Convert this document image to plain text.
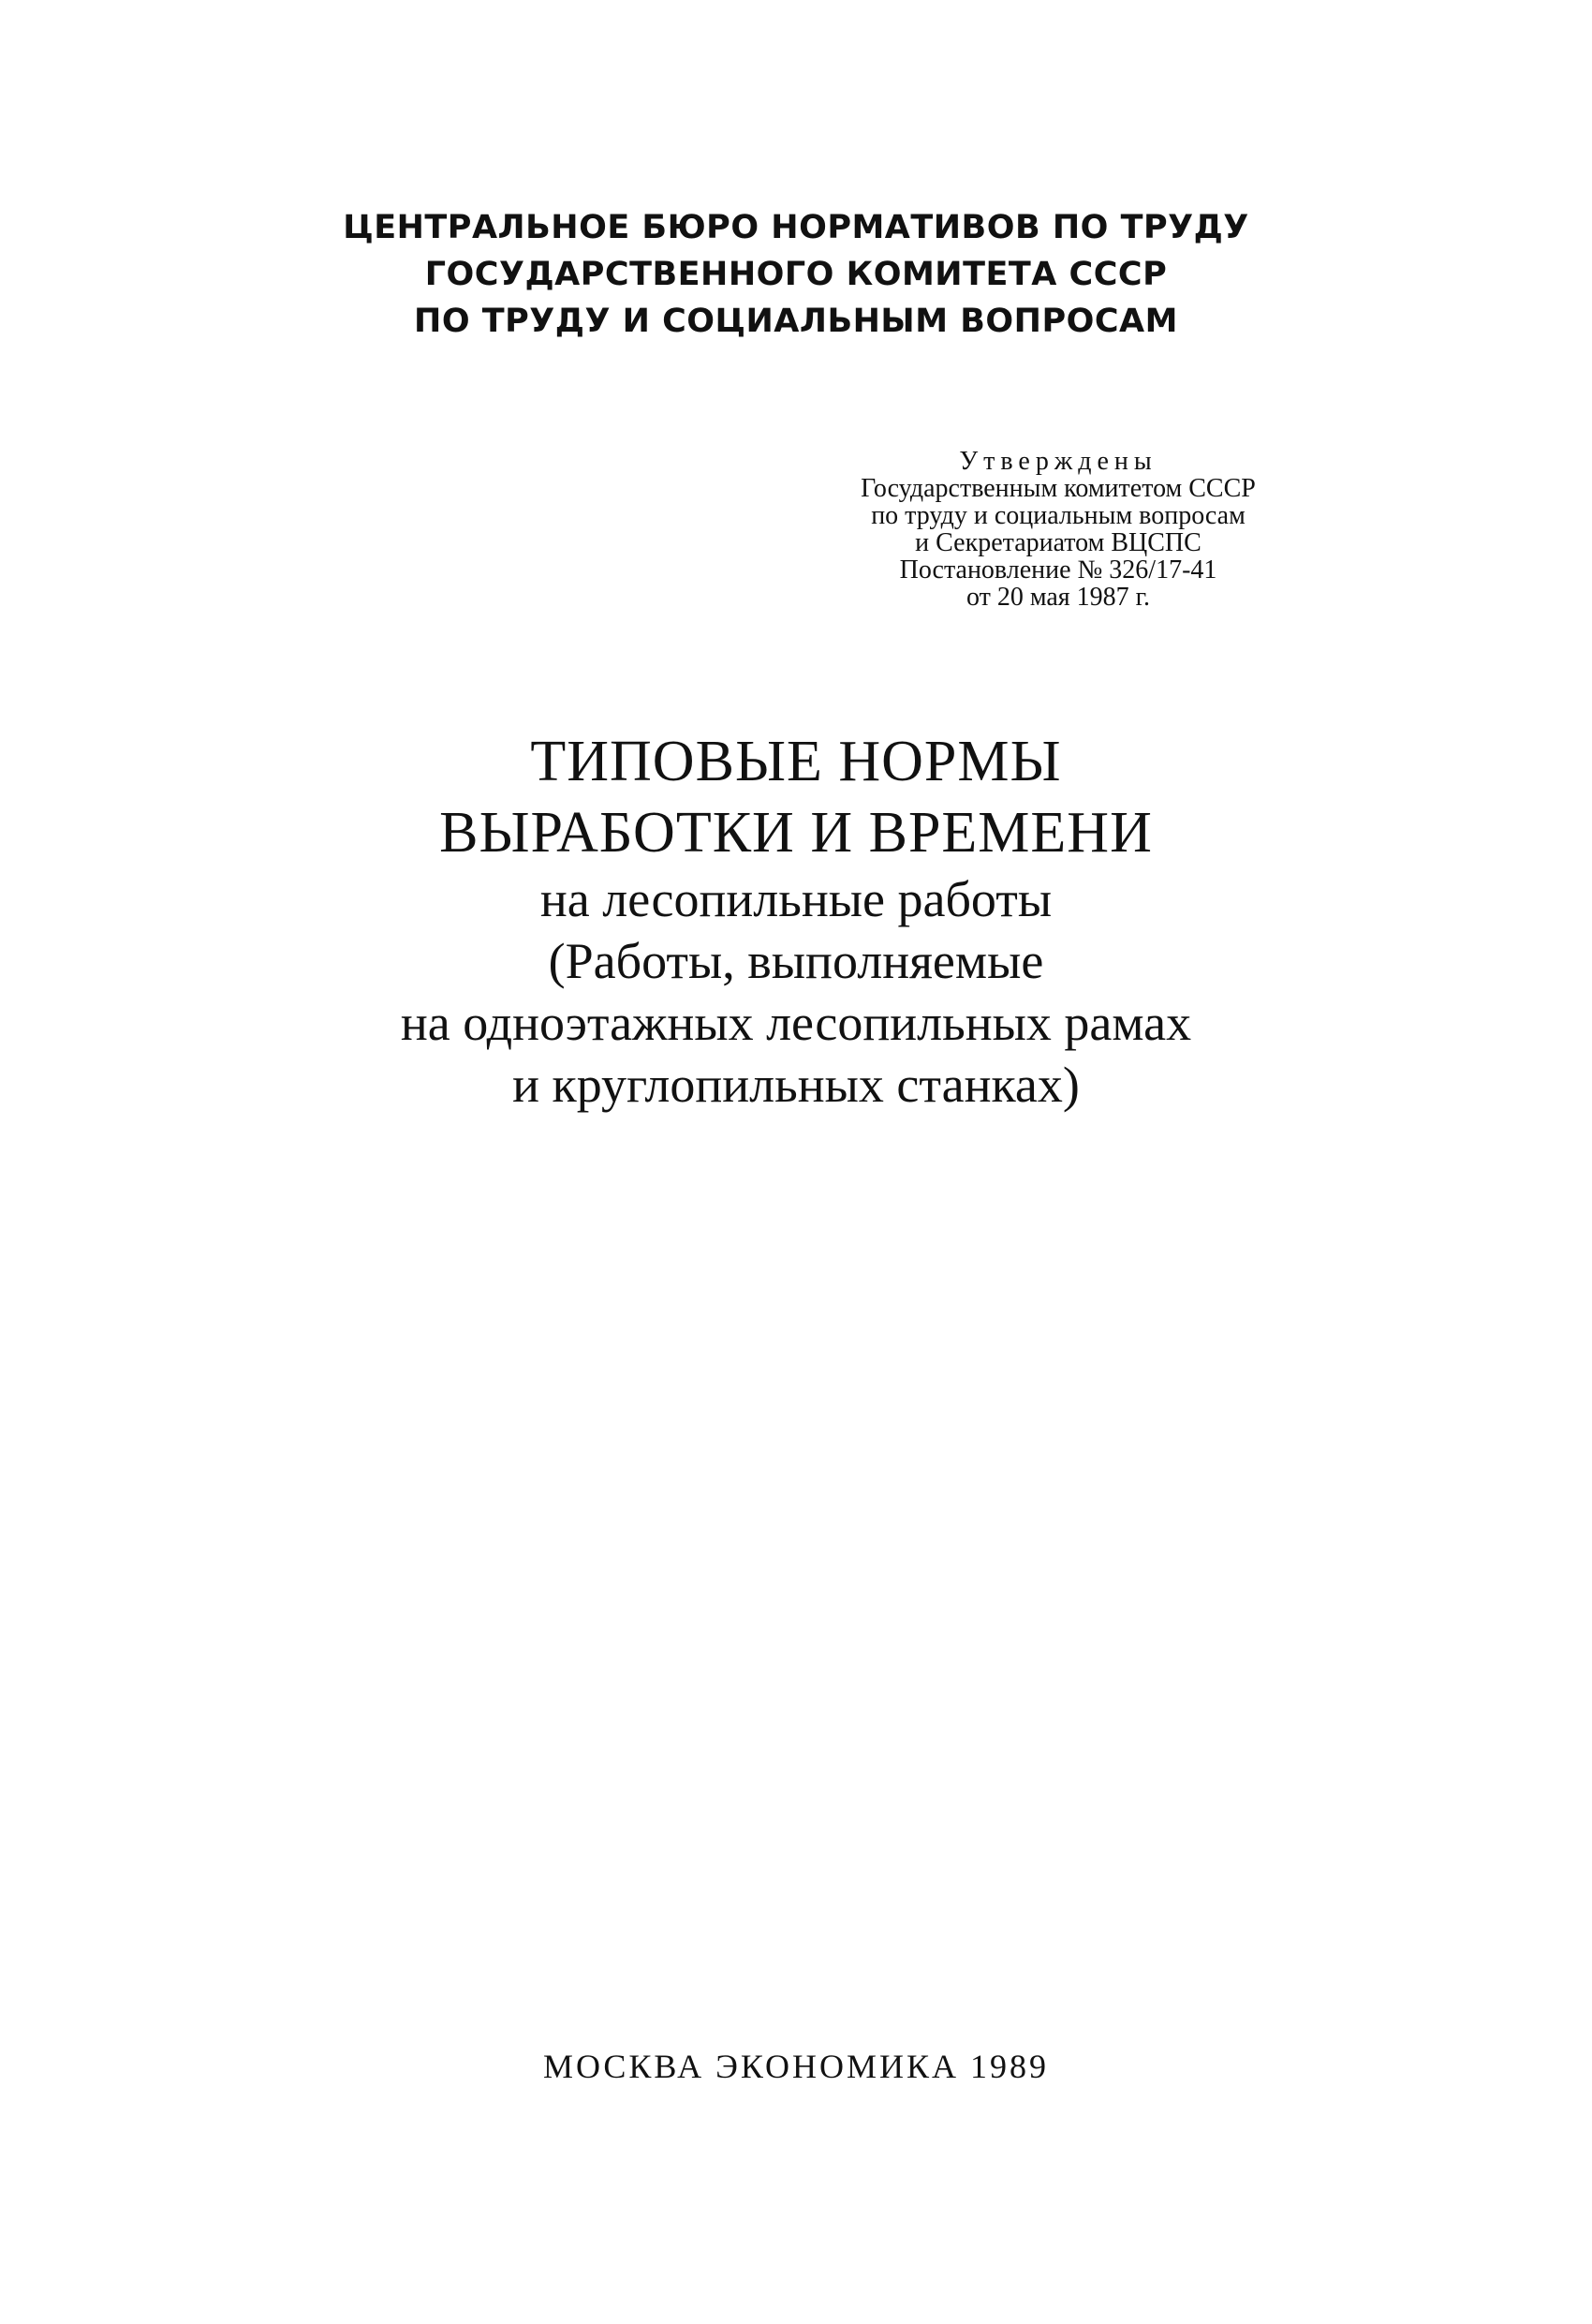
ЦЕНТРАЛЬНОЕ БЮРО НОРМАТИВОВ ПО ТРУДУ
ГОСУДАРСТВЕННОГО КОМИТЕТА СССР
ПО ТРУДУ И СОЦИАЛЬНЫМ ВОПРОСАМ
Утверждены
Государственным комитетом СССР
по труду и социальным вопросам
и Секретариатом ВЦСПС
Постановление № 326/17-41
от 20 мая 1987 г.
ТИПОВЫЕ НОРМЫ
ВЫРАБОТКИ И ВРЕМЕНИ
на лесопильные работы
(Работы, выполняемые
на одноэтажных лесопильных рамах
и круглопильных станках)
МОСКВА ЭКОНОМИКА 1989
